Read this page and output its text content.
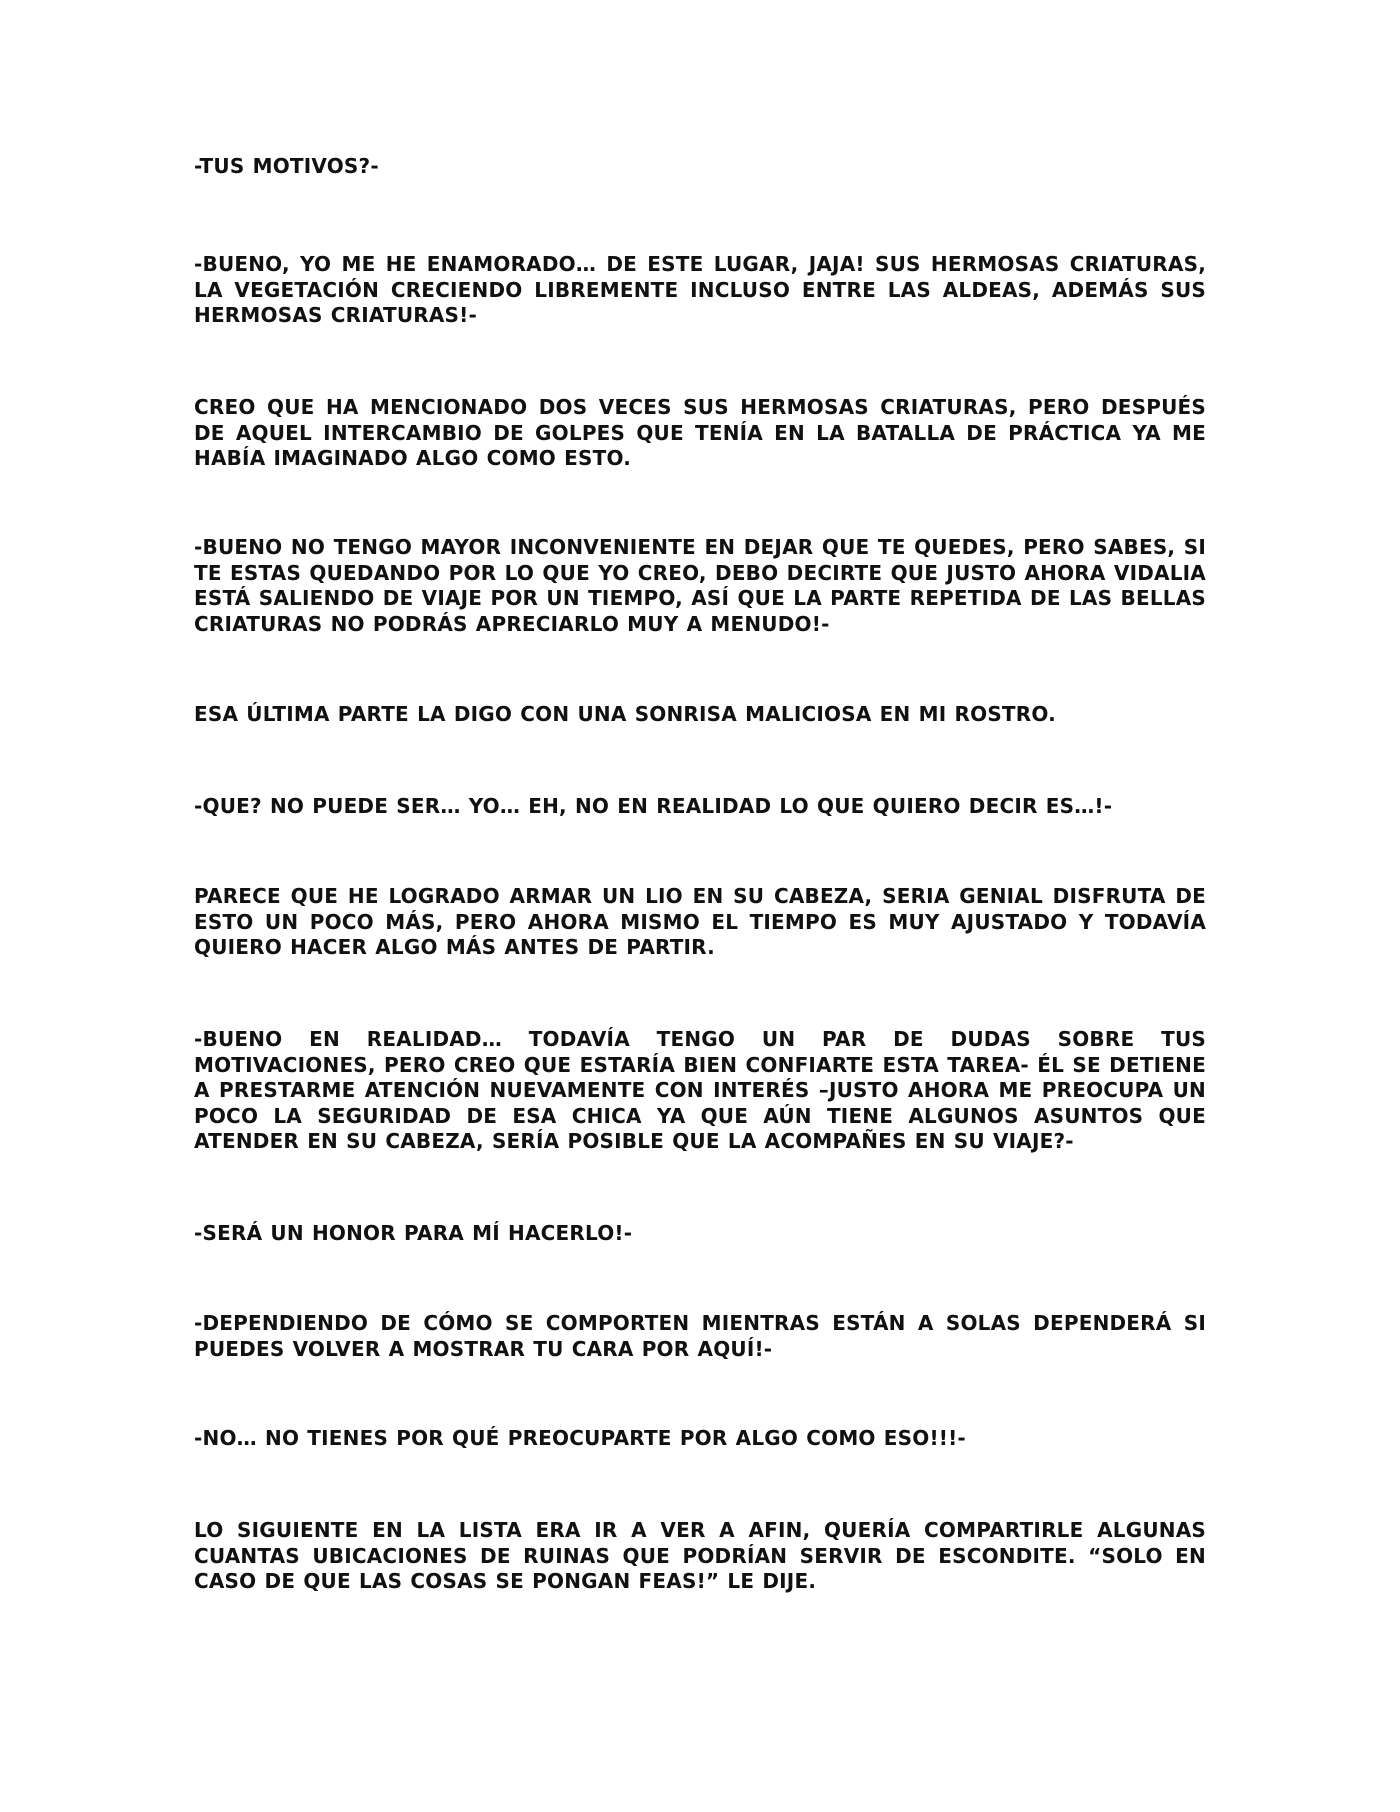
-TUS MOTIVOS?-

-BUENO, YO ME HE ENAMORADO… DE ESTE LUGAR, JAJA! SUS HERMOSAS CRIATURAS, LA VEGETACIÓN CRECIENDO LIBREMENTE INCLUSO ENTRE LAS ALDEAS, ADEMÁS SUS HERMOSAS CRIATURAS!-

CREO QUE HA MENCIONADO DOS VECES SUS HERMOSAS CRIATURAS, PERO DESPUÉS DE AQUEL INTERCAMBIO DE GOLPES QUE TENÍA EN LA BATALLA DE PRÁCTICA YA ME HABÍA IMAGINADO ALGO COMO ESTO.

-BUENO NO TENGO MAYOR INCONVENIENTE EN DEJAR QUE TE QUEDES, PERO SABES, SI TE ESTAS QUEDANDO POR LO QUE YO CREO, DEBO DECIRTE QUE JUSTO AHORA VIDALIA ESTÁ SALIENDO DE VIAJE POR UN TIEMPO, ASÍ QUE LA PARTE REPETIDA DE LAS BELLAS CRIATURAS NO PODRÁS APRECIARLO MUY A MENUDO!-

ESA ÚLTIMA PARTE LA DIGO CON UNA SONRISA MALICIOSA EN MI ROSTRO.

-QUE? NO PUEDE SER… YO… EH, NO EN REALIDAD LO QUE QUIERO DECIR ES…!-

PARECE QUE HE LOGRADO ARMAR UN LIO EN SU CABEZA, SERIA GENIAL DISFRUTA DE ESTO UN POCO MÁS, PERO AHORA MISMO EL TIEMPO ES MUY AJUSTADO Y TODAVÍA QUIERO HACER ALGO MÁS ANTES DE PARTIR.

-BUENO EN REALIDAD… TODAVÍA TENGO UN PAR DE DUDAS SOBRE TUS MOTIVACIONES, PERO CREO QUE ESTARÍA BIEN CONFIARTE ESTA TAREA- ÉL SE DETIENE A PRESTARME ATENCIÓN NUEVAMENTE CON INTERÉS –JUSTO AHORA ME PREOCUPA UN POCO LA SEGURIDAD DE ESA CHICA YA QUE AÚN TIENE ALGUNOS ASUNTOS QUE ATENDER EN SU CABEZA, SERÍA POSIBLE QUE LA ACOMPAÑES EN SU VIAJE?-

-SERÁ UN HONOR PARA MÍ HACERLO!-

-DEPENDIENDO DE CÓMO SE COMPORTEN MIENTRAS ESTÁN A SOLAS DEPENDERÁ SI PUEDES VOLVER A MOSTRAR TU CARA POR AQUÍ!-

-NO… NO TIENES POR QUÉ PREOCUPARTE POR ALGO COMO ESO!!!-

LO SIGUIENTE EN LA LISTA ERA IR A VER A AFIN, QUERÍA COMPARTIRLE ALGUNAS CUANTAS UBICACIONES DE RUINAS QUE PODRÍAN SERVIR DE ESCONDITE. “SOLO EN CASO DE QUE LAS COSAS SE PONGAN FEAS!” LE DIJE.
